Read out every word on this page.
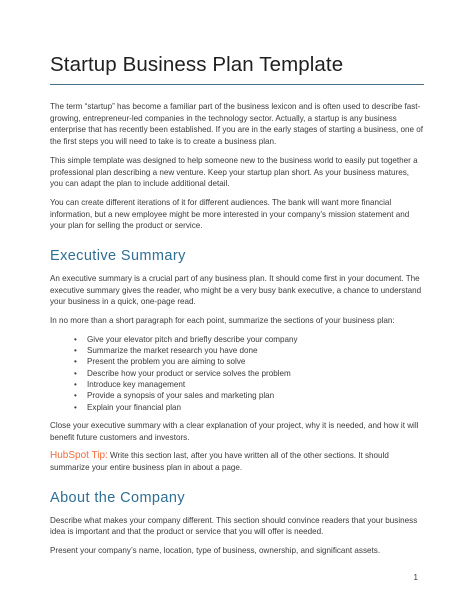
Startup Business Plan Template

The term “startup” has become a familiar part of the business lexicon and is often used to describe fast-growing, entrepreneur-led companies in the technology sector. Actually, a startup is any business enterprise that has recently been established. If you are in the early stages of starting a business, one of the first steps you will need to take is to create a business plan.

This simple template was designed to help someone new to the business world to easily put together a professional plan describing a new venture. Keep your startup plan short. As your business matures, you can adapt the plan to include additional detail.

You can create different iterations of it for different audiences. The bank will want more financial information, but a new employee might be more interested in your company’s mission statement and your plan for selling the product or service.

Executive Summary

An executive summary is a crucial part of any business plan. It should come first in your document. The executive summary gives the reader, who might be a very busy bank executive, a chance to understand your business in a quick, one-page read.

In no more than a short paragraph for each point, summarize the sections of your business plan:

• Give your elevator pitch and briefly describe your company
• Summarize the market research you have done
• Present the problem you are aiming to solve
• Describe how your product or service solves the problem
• Introduce key management
• Provide a synopsis of your sales and marketing plan
• Explain your financial plan

Close your executive summary with a clear explanation of your project, why it is needed, and how it will benefit future customers and investors.

HubSpot Tip: Write this section last, after you have written all of the other sections. It should summarize your entire business plan in about a page.

About the Company

Describe what makes your company different. This section should convince readers that your business idea is important and that the product or service that you will offer is needed.

Present your company’s name, location, type of business, ownership, and significant assets.

1
